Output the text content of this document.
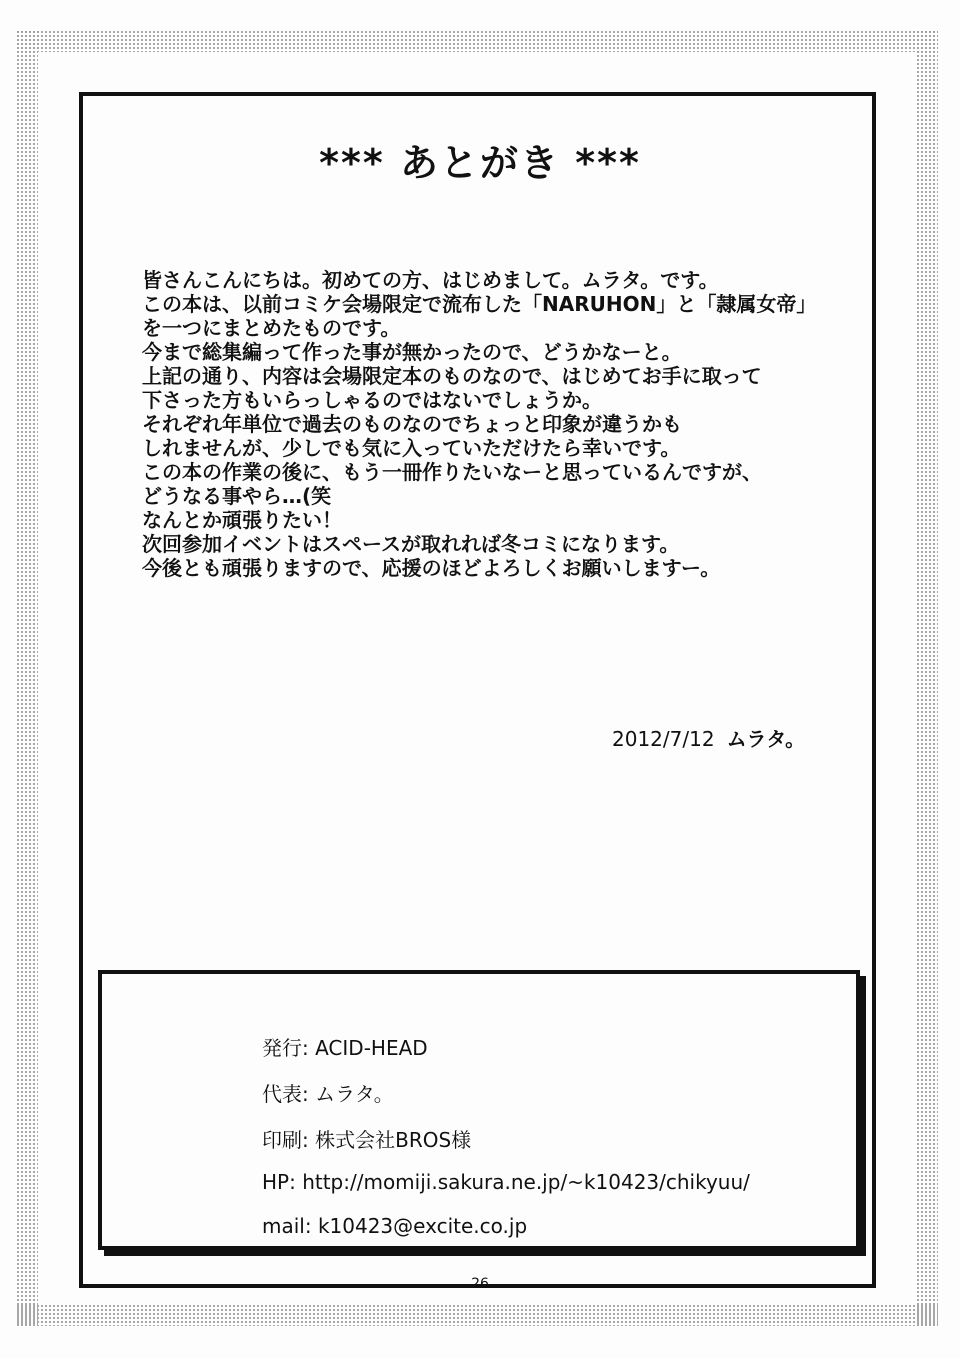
*** あとがき ***

皆さんこんにちは。初めての方、はじめまして。ムラタ。です。

この本は、以前コミケ会場限定で流布した「NARUHON」と「隷属女帝」

を一つにまとめたものです。

今まで総集編って作った事が無かったので、どうかなーと。

上記の通り、内容は会場限定本のものなので、はじめてお手に取って

下さった方もいらっしゃるのではないでしょうか。

それぞれ年単位で過去のものなのでちょっと印象が違うかも

しれませんが、少しでも気に入っていただけたら幸いです。

この本の作業の後に、もう一冊作りたいなーと思っているんですが、

どうなる事やら…(笑

なんとか頑張りたい！

次回参加イベントはスペースが取れれば冬コミになります。

今後とも頑張りますので、応援のほどよろしくお願いしますー。

2012/7/12 ムラタ。
発行: ACID-HEAD
代表: ムラタ。
印刷: 株式会社BROS様
HP: http://momiji.sakura.ne.jp/~k10423/chikyuu/
mail: k10423@excite.co.jp
26
